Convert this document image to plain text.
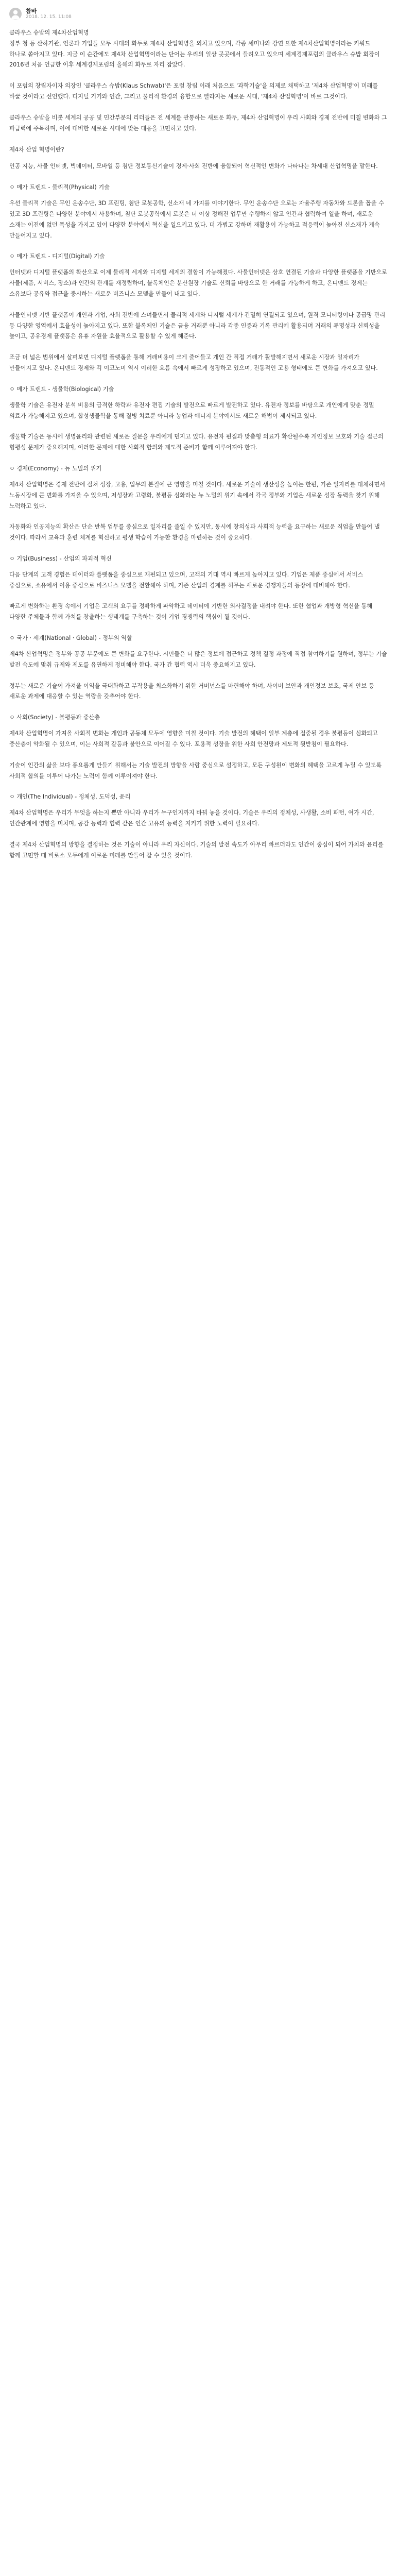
참바
2018. 12. 15. 11:08

클라우스 슈밥의 제4차산업혁명
정부 청 등 산하기관, 언론과 기업들 모두 시대의 화두로 제4차 산업혁명을 외치고 있으며, 각종 세미나와 강연 또한 제4차산업혁명이라는 키워드 하나로 쏟아지고 있다. 지금 이 순간에도 제4차 산업혁명이라는 단어는 우리의 일상 곳곳에서 들려오고 있으며 세계경제포럼의 클라우스 슈밥 회장이 2016년 처음 언급한 이후 세계경제포럼의 올해의 화두로 자리 잡았다.

이 포럼의 창립자이자 의장인 '클라우스 슈밥(Klaus Schwab)'은 포럼 창립 이래 처음으로 '과학기술'을 의제로 채택하고 '제4차 산업혁명'이 미래를 바꿀 것이라고 선언했다. 디지털 기기와 인간, 그리고 물리적 환경의 융합으로 빨라지는 새로운 시대, '제4차 산업혁명'이 바로 그것이다.

클라우스 슈밥을 비롯 세계의 공공 및 민간부문의 리더들은 전 세계를 관통하는 새로운 화두, 제4차 산업혁명이 우리 사회와 경제 전반에 미칠 변화와 그 파급력에 주목하며, 이에 대비한 새로운 시대에 맞는 대응을 고민하고 있다.

제4차 산업 혁명이란?

인공 지능, 사물 인터넷, 빅데이터, 모바일 등 첨단 정보통신기술이 경제·사회 전반에 융합되어 혁신적인 변화가 나타나는 차세대 산업혁명을 말한다.

ㅇ 메가 트렌드 - 물리적(Physical) 기술

우선 물리적 기술은 무인 운송수단, 3D 프린팅, 첨단 로봇공학, 신소재 네 가지를 이야기한다. 무인 운송수단 으로는 자율주행 자동차와 드론을 꼽을 수 있고 3D 프린팅은 다양한 분야에서 사용하며, 첨단 로봇공학에서 로봇은 더 이상 정해진 업무만 수행하지 않고 인간과 협력하여 일을 하며, 새로운 소재는 이전에 없던 특성을 가지고 있어 다양한 분야에서 혁신을 일으키고 있다. 더 가볍고 강하며 재활용이 가능하고 적응력이 높아진 신소재가 계속 만들어지고 있다.

ㅇ 메가 트렌드 - 디지털(Digital) 기술

인터넷과 디지털 플랫폼의 확산으로 이제 물리적 세계와 디지털 세계의 결합이 가능해졌다. 사물인터넷은 상호 연결된 기술과 다양한 플랫폼을 기반으로 사물(제품, 서비스, 장소)과 인간의 관계를 재정립하며, 블록체인은 분산원장 기술로 신뢰를 바탕으로 한 거래를 가능하게 하고, 온디맨드 경제는 소유보다 공유와 접근을 중시하는 새로운 비즈니스 모델을 만들어 내고 있다.

사물인터넷 기반 플랫폼이 개인과 기업, 사회 전반에 스며들면서 물리적 세계와 디지털 세계가 긴밀히 연결되고 있으며, 원격 모니터링이나 공급망 관리 등 다양한 영역에서 효율성이 높아지고 있다. 또한 블록체인 기술은 금융 거래뿐 아니라 각종 인증과 기록 관리에 활용되며 거래의 투명성과 신뢰성을 높이고, 공유경제 플랫폼은 유휴 자원을 효율적으로 활용할 수 있게 해준다.

조금 더 넓은 범위에서 살펴보면 디지털 플랫폼을 통해 거래비용이 크게 줄어들고 개인 간 직접 거래가 활발해지면서 새로운 시장과 일자리가 만들어지고 있다. 온디맨드 경제와 긱 이코노미 역시 이러한 흐름 속에서 빠르게 성장하고 있으며, 전통적인 고용 형태에도 큰 변화를 가져오고 있다.

ㅇ 메가 트렌드 - 생물학(Biological) 기술

생물학 기술은 유전자 분석 비용의 급격한 하락과 유전자 편집 기술의 발전으로 빠르게 발전하고 있다. 유전자 정보를 바탕으로 개인에게 맞춘 정밀 의료가 가능해지고 있으며, 합성생물학을 통해 질병 치료뿐 아니라 농업과 에너지 분야에서도 새로운 해법이 제시되고 있다.

생물학 기술은 동시에 생명윤리와 관련된 새로운 질문을 우리에게 던지고 있다. 유전자 편집과 맞춤형 의료가 확산될수록 개인정보 보호와 기술 접근의 형평성 문제가 중요해지며, 이러한 문제에 대한 사회적 합의와 제도적 준비가 함께 이루어져야 한다.

ㅇ 경제(Economy) - 뉴 노멀의 위기

제4차 산업혁명은 경제 전반에 걸쳐 성장, 고용, 업무의 본질에 큰 영향을 미칠 것이다. 새로운 기술이 생산성을 높이는 한편, 기존 일자리를 대체하면서 노동시장에 큰 변화를 가져올 수 있으며, 저성장과 고령화, 불평등 심화라는 뉴 노멀의 위기 속에서 각국 정부와 기업은 새로운 성장 동력을 찾기 위해 노력하고 있다.

자동화와 인공지능의 확산은 단순 반복 업무를 중심으로 일자리를 줄일 수 있지만, 동시에 창의성과 사회적 능력을 요구하는 새로운 직업을 만들어 낼 것이다. 따라서 교육과 훈련 체계를 혁신하고 평생 학습이 가능한 환경을 마련하는 것이 중요하다.

ㅇ 기업(Business) - 산업의 파괴적 혁신

다음 단계의 고객 경험은 데이터와 플랫폼을 중심으로 재편되고 있으며, 고객의 기대 역시 빠르게 높아지고 있다. 기업은 제품 중심에서 서비스 중심으로, 소유에서 이용 중심으로 비즈니스 모델을 전환해야 하며, 기존 산업의 경계를 허무는 새로운 경쟁자들의 등장에 대비해야 한다.

빠르게 변화하는 환경 속에서 기업은 고객의 요구를 정확하게 파악하고 데이터에 기반한 의사결정을 내려야 한다. 또한 협업과 개방형 혁신을 통해 다양한 주체들과 함께 가치를 창출하는 생태계를 구축하는 것이 기업 경쟁력의 핵심이 될 것이다.

ㅇ 국가 · 세계(National · Global) - 정부의 역할

제4차 산업혁명은 정부와 공공 부문에도 큰 변화를 요구한다. 시민들은 더 많은 정보에 접근하고 정책 결정 과정에 직접 참여하기를 원하며, 정부는 기술 발전 속도에 맞춰 규제와 제도를 유연하게 정비해야 한다. 국가 간 협력 역시 더욱 중요해지고 있다.

정부는 새로운 기술이 가져올 이익을 극대화하고 부작용을 최소화하기 위한 거버넌스를 마련해야 하며, 사이버 보안과 개인정보 보호, 국제 안보 등 새로운 과제에 대응할 수 있는 역량을 갖추어야 한다.

ㅇ 사회(Society) - 불평등과 중산층

제4차 산업혁명이 가져올 사회적 변화는 개인과 공동체 모두에 영향을 미칠 것이다. 기술 발전의 혜택이 일부 계층에 집중될 경우 불평등이 심화되고 중산층이 약화될 수 있으며, 이는 사회적 갈등과 불안으로 이어질 수 있다. 포용적 성장을 위한 사회 안전망과 제도적 뒷받침이 필요하다.

기술이 인간의 삶을 보다 풍요롭게 만들기 위해서는 기술 발전의 방향을 사람 중심으로 설정하고, 모든 구성원이 변화의 혜택을 고르게 누릴 수 있도록 사회적 합의를 이루어 나가는 노력이 함께 이루어져야 한다.

ㅇ 개인(The Individual) - 정체성, 도덕성, 윤리

제4차 산업혁명은 우리가 무엇을 하는지 뿐만 아니라 우리가 누구인지까지 바꿔 놓을 것이다. 기술은 우리의 정체성, 사생활, 소비 패턴, 여가 시간, 인간관계에 영향을 미치며, 공감 능력과 협력 같은 인간 고유의 능력을 지키기 위한 노력이 필요하다.

결국 제4차 산업혁명의 방향을 결정하는 것은 기술이 아니라 우리 자신이다. 기술의 발전 속도가 아무리 빠르더라도 인간이 중심이 되어 가치와 윤리를 함께 고민할 때 비로소 모두에게 이로운 미래를 만들어 갈 수 있을 것이다.
